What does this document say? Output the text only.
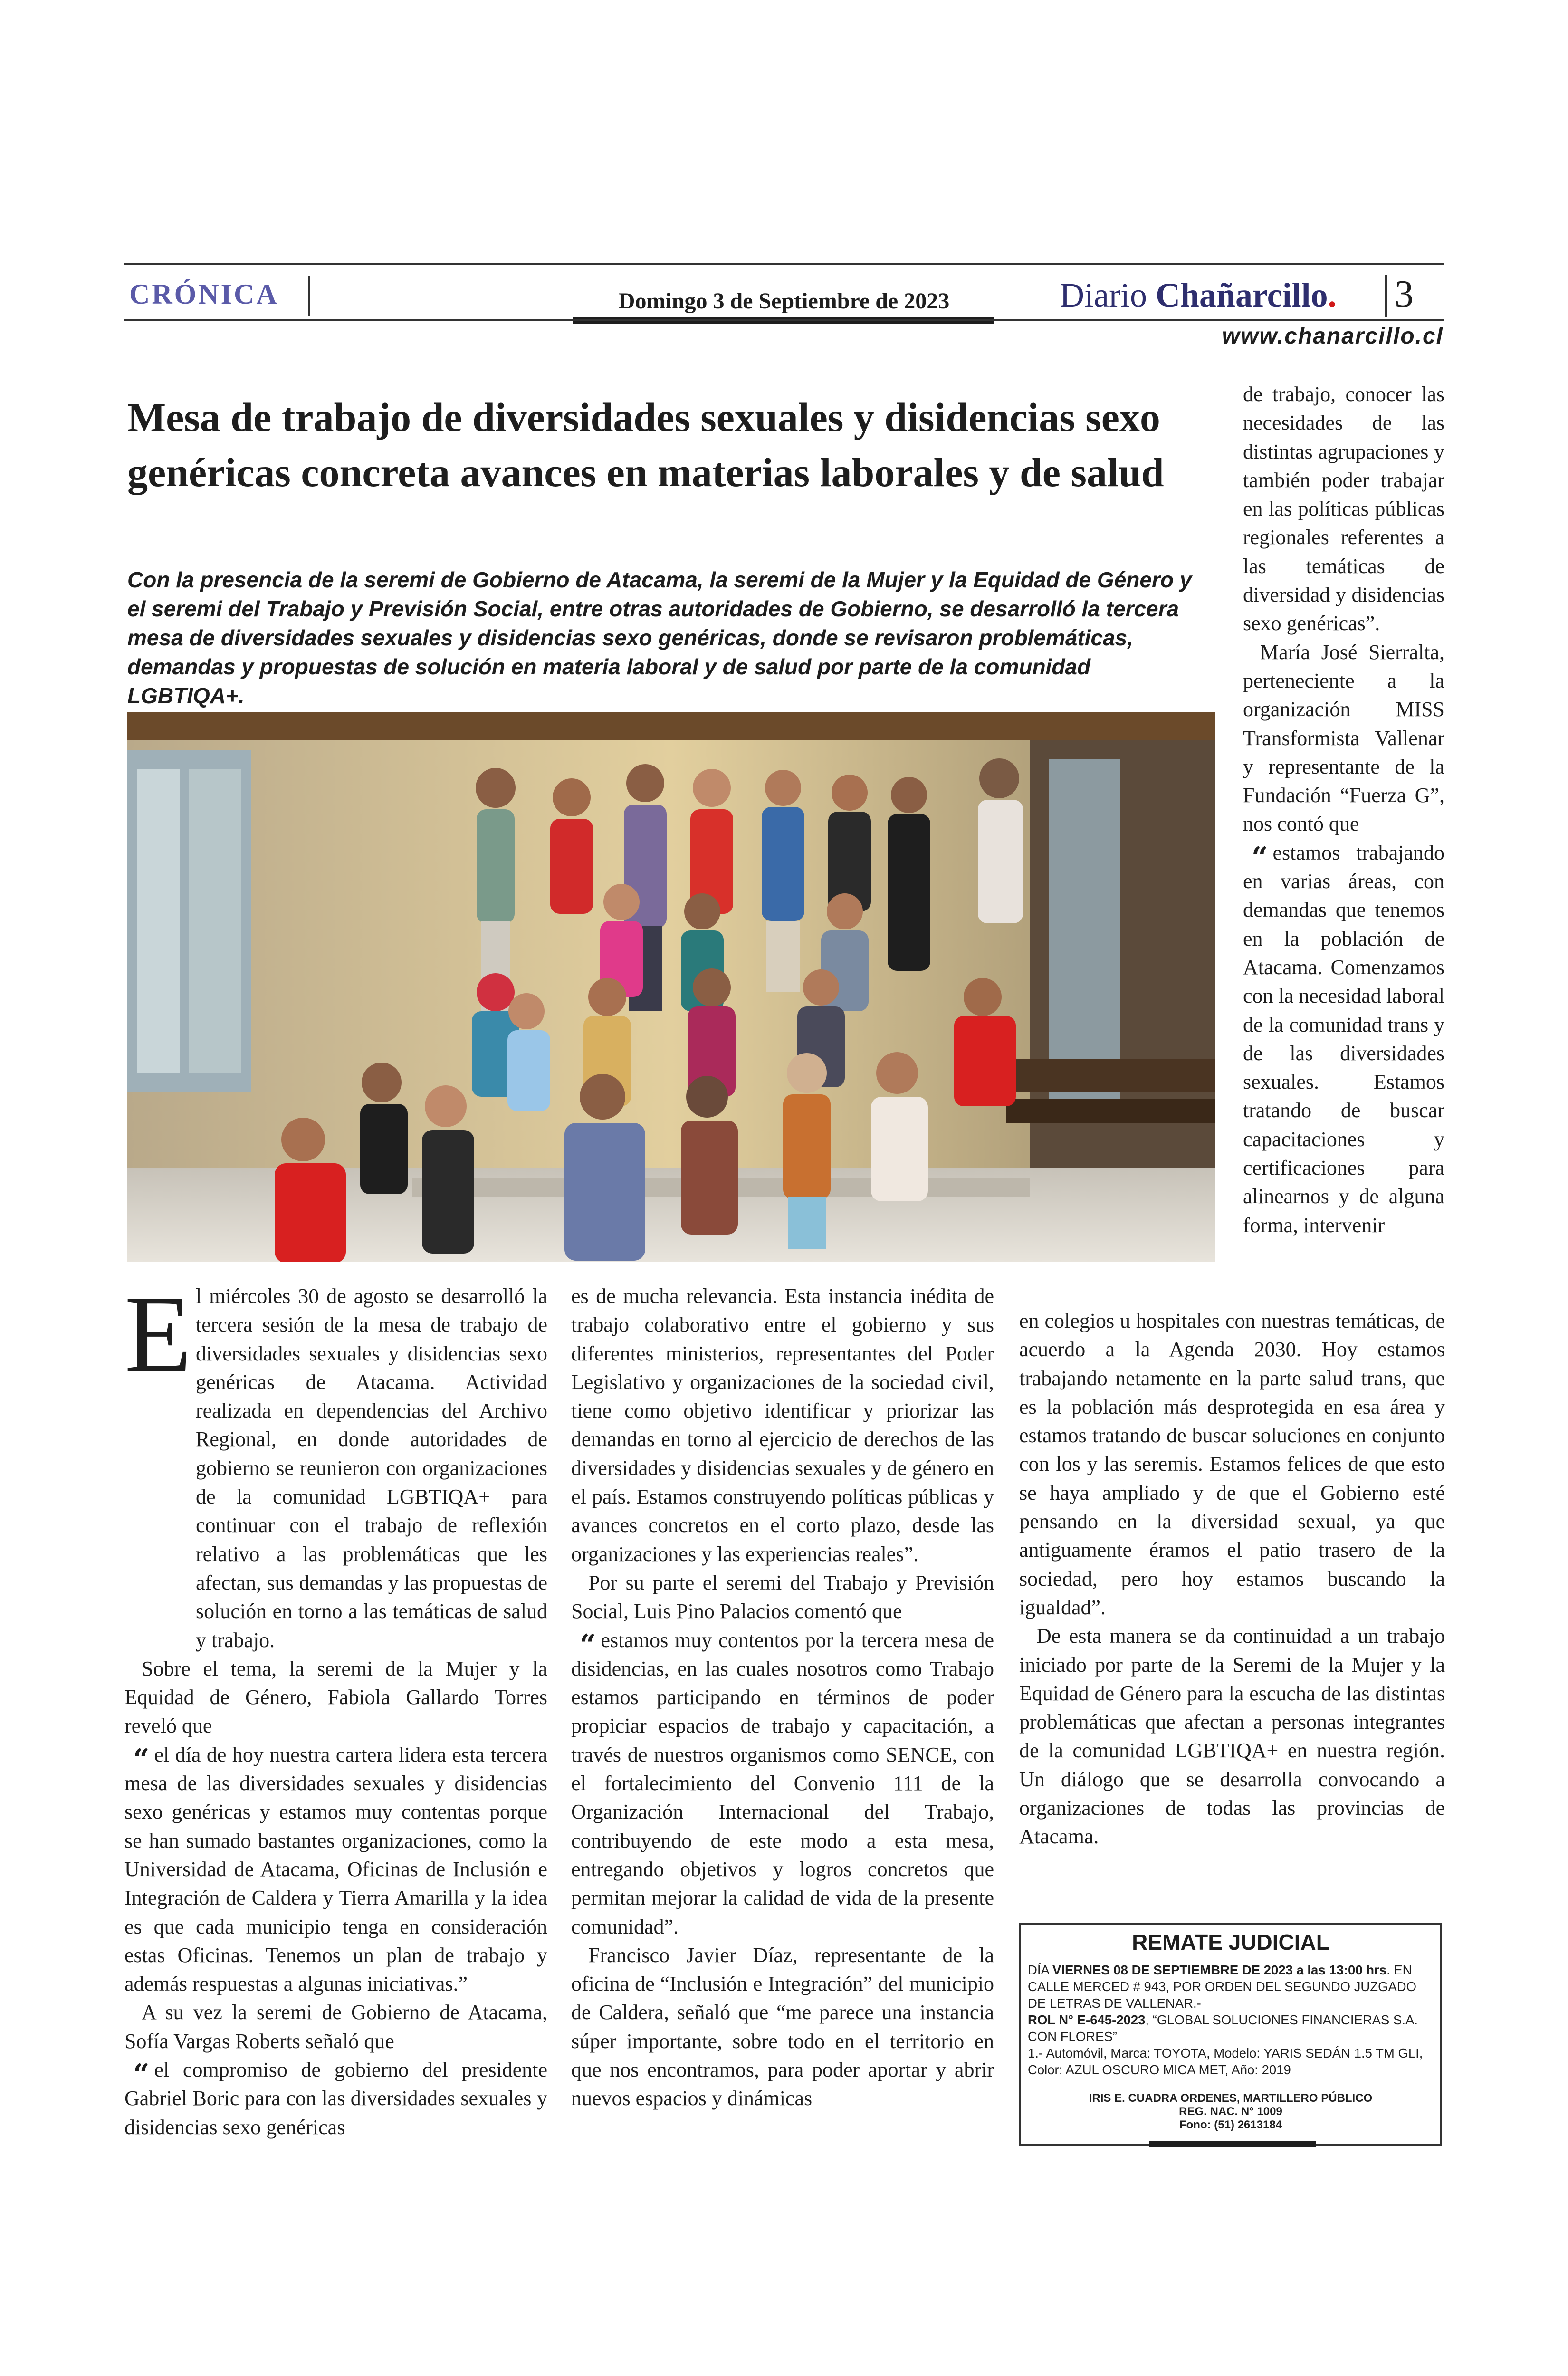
CRÓNICA	Domingo 3 de Septiembre de 2023	Diario Chañarcillo. 3
www.chanarcillo.cl
Mesa de trabajo de diversidades sexuales y disidencias sexo genéricas concreta avances en materias laborales y de salud
Con la presencia de la seremi de Gobierno de Atacama, la seremi de la Mujer y la Equidad de Género y el seremi del Trabajo y Previsión Social, entre otras autoridades de Gobierno, se desarrolló la tercera mesa de diversidades sexuales y disidencias sexo genéricas, donde se revisaron problemáticas, demandas y propuestas de solución en materia laboral y de salud por parte de la comunidad LGBTIQA+.
E l miércoles 30 de agosto se desarrolló la tercera sesión de la mesa de trabajo de diversidades sexuales y disidencias sexo genéricas de Atacama. Actividad realizada en dependencias del Archivo Regional, en donde autoridades de gobierno se reunieron con organizaciones de la comunidad LGBTIQA+ para continuar con el trabajo de reflexión relativo a las problemáticas que les afectan, sus demandas y las propuestas de solución en torno a las temáticas de salud y trabajo.

Sobre el tema, la seremi de la Mujer y la Equidad de Género, Fabiola Gallardo Torres reveló que

“ el día de hoy nuestra cartera lidera esta tercera mesa de las diversidades sexuales y disidencias sexo genéricas y estamos muy contentas porque se han sumado bastantes organizaciones, como la Universidad de Atacama, Oficinas de Inclusión e Integración de Caldera y Tierra Amarilla y la idea es que cada municipio tenga en consideración estas Oficinas. Tenemos un plan de trabajo y además respuestas a algunas iniciativas.”

A su vez la seremi de Gobierno de Atacama, Sofía Vargas Roberts señaló que

“ el compromiso de gobierno del presidente Gabriel Boric para con las diversidades sexuales y disidencias sexo genéricas

es de mucha relevancia. Esta instancia inédita de trabajo colaborativo entre el gobierno y sus diferentes ministerios, representantes del Poder Legislativo y organizaciones de la sociedad civil, tiene como objetivo identificar y priorizar las demandas en torno al ejercicio de derechos de las diversidades y disidencias sexuales y de género en el país. Estamos construyendo políticas públicas y avances concretos en el corto plazo, desde las organizaciones y las experiencias reales”.

Por su parte el seremi del Trabajo y Previsión Social, Luis Pino Palacios comentó que

“ estamos muy contentos por la tercera mesa de disidencias, en las cuales nosotros como Trabajo estamos participando en términos de poder propiciar espacios de trabajo y capacitación, a través de nuestros organismos como SENCE, con el fortalecimiento del Convenio 111 de la Organización Internacional del Trabajo, contribuyendo de este modo a esta mesa, entregando objetivos y logros concretos que permitan mejorar la calidad de vida de la presente comunidad”.

Francisco Javier Díaz, representante de la oficina de “Inclusión e Integración” del municipio de Caldera, señaló que “me parece una instancia súper importante, sobre todo en el territorio en que nos encontramos, para poder aportar y abrir nuevos espacios y dinámicas

de trabajo, conocer las necesidades de las distintas agrupaciones y también poder trabajar en las políticas públicas regionales referentes a las temáticas de diversidad y disidencias sexo genéricas”.

María José Sierralta, perteneciente a la organización MISS Transformista Vallenar y representante de la Fundación “Fuerza G”, nos contó que

“ estamos trabajando en varias áreas, con demandas que tenemos en la población de Atacama. Comenzamos con la necesidad laboral de la comunidad trans y de las diversidades sexuales. Estamos tratando de buscar capacitaciones y certificaciones para alinearnos y de alguna forma, intervenir

en colegios u hospitales con nuestras temáticas, de acuerdo a la Agenda 2030. Hoy estamos trabajando netamente en la parte salud trans, que es la población más desprotegida en esa área y estamos tratando de buscar soluciones en conjunto con los y las seremis. Estamos felices de que esto se haya ampliado y de que el Gobierno esté pensando en la diversidad sexual, ya que antiguamente éramos el patio trasero de la sociedad, pero hoy estamos buscando la igualdad”.

De esta manera se da continuidad a un trabajo iniciado por parte de la Seremi de la Mujer y la Equidad de Género para la escucha de las distintas problemáticas que afectan a personas integrantes de la comunidad LGBTIQA+ en nuestra región. Un diálogo que se desarrolla convocando a organizaciones de todas las provincias de Atacama.

REMATE JUDICIAL
DÍA VIERNES 08 DE SEPTIEMBRE DE 2023 a las 13:00 hrs. EN CALLE MERCED # 943, POR ORDEN DEL SEGUNDO JUZGADO DE LETRAS DE VALLENAR.-
ROL N° E-645-2023, “GLOBAL SOLUCIONES FINANCIERAS S.A. CON FLORES”
1.- Automóvil, Marca: TOYOTA, Modelo: YARIS SEDÁN 1.5 TM GLI, Color: AZUL OSCURO MICA MET, Año: 2019
IRIS E. CUADRA ORDENES, MARTILLERO PÚBLICO
REG. NAC. N° 1009
Fono: (51) 2613184
